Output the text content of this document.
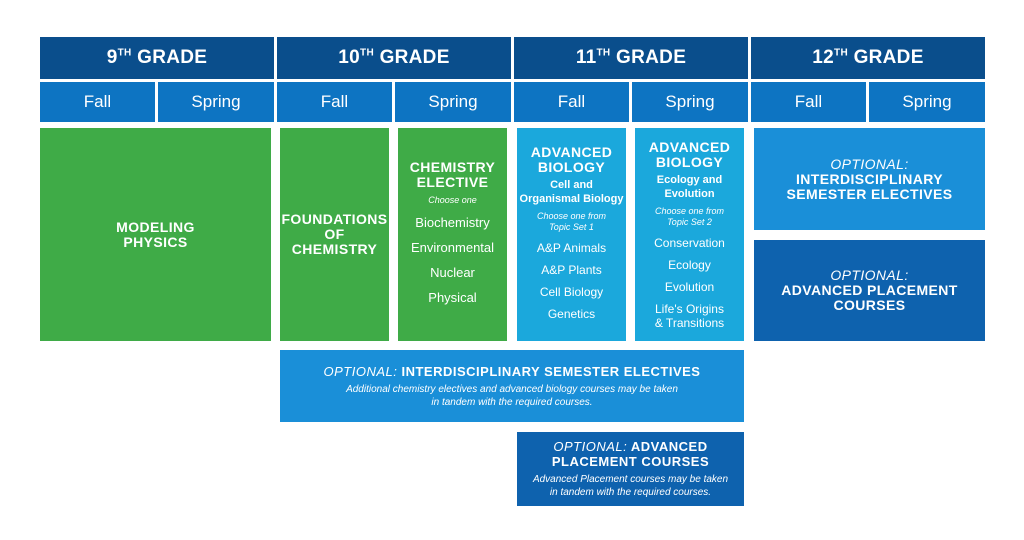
9TH GRADE	10TH GRADE	11TH GRADE	12TH GRADE
Fall	Spring	Fall	Spring	Fall	Spring	Fall	Spring
MODELING
PHYSICS
FOUNDATIONS
OF
CHEMISTRY
CHEMISTRY
ELECTIVE
Choose one
Biochemistry
Environmental
Nuclear
Physical
ADVANCED
BIOLOGY
Cell and
Organismal Biology
Choose one from
Topic Set 1
A&P Animals
A&P Plants
Cell Biology
Genetics
ADVANCED
BIOLOGY
Ecology and
Evolution
Choose one from
Topic Set 2
Conservation
Ecology
Evolution
Life's Origins
& Transitions
OPTIONAL:
INTERDISCIPLINARY
SEMESTER ELECTIVES
OPTIONAL:
ADVANCED PLACEMENT
COURSES
OPTIONAL: INTERDISCIPLINARY SEMESTER ELECTIVES
Additional chemistry electives and advanced biology courses may be taken
in tandem with the required courses.
OPTIONAL: ADVANCED
PLACEMENT COURSES
Advanced Placement courses may be taken
in tandem with the required courses.
